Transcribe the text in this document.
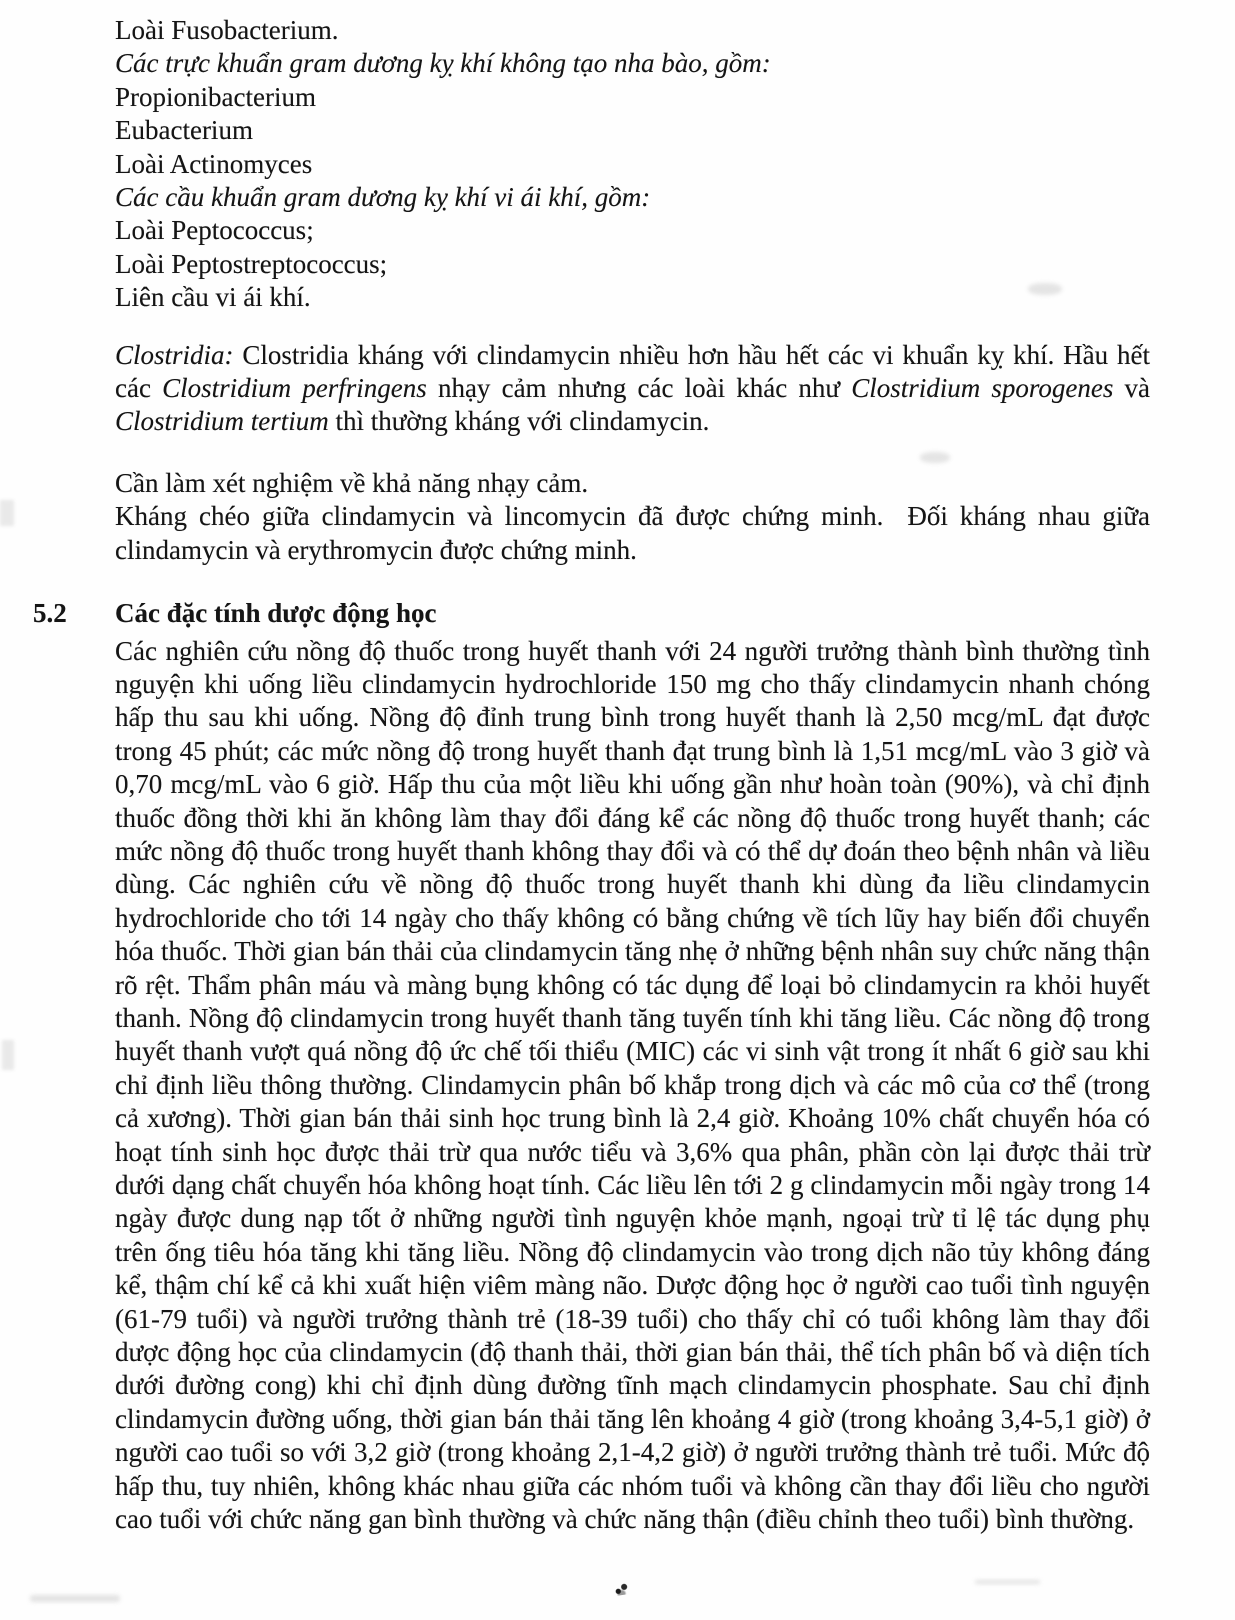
Loài Fusobacterium.
Các trực khuẩn gram dương kỵ khí không tạo nha bào, gồm:
Propionibacterium
Eubacterium
Loài Actinomyces
Các cầu khuẩn gram dương kỵ khí vi ái khí, gồm:
Loài Peptococcus;
Loài Peptostreptococcus;
Liên cầu vi ái khí.
Clostridia: Clostridia kháng với clindamycin nhiều hơn hầu hết các vi khuẩn kỵ khí. Hầu hết các Clostridium perfringens nhạy cảm nhưng các loài khác như Clostridium sporogenes và Clostridium tertium thì thường kháng với clindamycin.
Cần làm xét nghiệm về khả năng nhạy cảm.
Kháng chéo giữa clindamycin và lincomycin đã được chứng minh.  Đối kháng nhau giữa clindamycin và erythromycin được chứng minh.
5.2 Các đặc tính dược động học
Các nghiên cứu nồng độ thuốc trong huyết thanh với 24 người trưởng thành bình thường tình nguyện khi uống liều clindamycin hydrochloride 150 mg cho thấy clindamycin nhanh chóng hấp thu sau khi uống. Nồng độ đỉnh trung bình trong huyết thanh là 2,50 mcg/mL đạt được trong 45 phút; các mức nồng độ trong huyết thanh đạt trung bình là 1,51 mcg/mL vào 3 giờ và 0,70 mcg/mL vào 6 giờ. Hấp thu của một liều khi uống gần như hoàn toàn (90%), và chỉ định thuốc đồng thời khi ăn không làm thay đổi đáng kể các nồng độ thuốc trong huyết thanh; các mức nồng độ thuốc trong huyết thanh không thay đổi và có thể dự đoán theo bệnh nhân và liều dùng. Các nghiên cứu về nồng độ thuốc trong huyết thanh khi dùng đa liều clindamycin hydrochloride cho tới 14 ngày cho thấy không có bằng chứng về tích lũy hay biến đổi chuyển hóa thuốc. Thời gian bán thải của clindamycin tăng nhẹ ở những bệnh nhân suy chức năng thận rõ rệt. Thẩm phân máu và màng bụng không có tác dụng để loại bỏ clindamycin ra khỏi huyết thanh. Nồng độ clindamycin trong huyết thanh tăng tuyến tính khi tăng liều. Các nồng độ trong huyết thanh vượt quá nồng độ ức chế tối thiểu (MIC) các vi sinh vật trong ít nhất 6 giờ sau khi chỉ định liều thông thường. Clindamycin phân bố khắp trong dịch và các mô của cơ thể (trong cả xương). Thời gian bán thải sinh học trung bình là 2,4 giờ. Khoảng 10% chất chuyển hóa có hoạt tính sinh học được thải trừ qua nước tiểu và 3,6% qua phân, phần còn lại được thải trừ dưới dạng chất chuyển hóa không hoạt tính. Các liều lên tới 2 g clindamycin mỗi ngày trong 14 ngày được dung nạp tốt ở những người tình nguyện khỏe mạnh, ngoại trừ tỉ lệ tác dụng phụ trên ống tiêu hóa tăng khi tăng liều. Nồng độ clindamycin vào trong dịch não tủy không đáng kể, thậm chí kể cả khi xuất hiện viêm màng não. Dược động học ở người cao tuổi tình nguyện (61-79 tuổi) và người trưởng thành trẻ (18-39 tuổi) cho thấy chỉ có tuổi không làm thay đổi dược động học của clindamycin (độ thanh thải, thời gian bán thải, thể tích phân bố và diện tích dưới đường cong) khi chỉ định dùng đường tĩnh mạch clindamycin phosphate. Sau chỉ định clindamycin đường uống, thời gian bán thải tăng lên khoảng 4 giờ (trong khoảng 3,4-5,1 giờ) ở người cao tuổi so với 3,2 giờ (trong khoảng 2,1-4,2 giờ) ở người trưởng thành trẻ tuổi. Mức độ hấp thu, tuy nhiên, không khác nhau giữa các nhóm tuổi và không cần thay đổi liều cho người cao tuổi với chức năng gan bình thường và chức năng thận (điều chỉnh theo tuổi) bình thường.
